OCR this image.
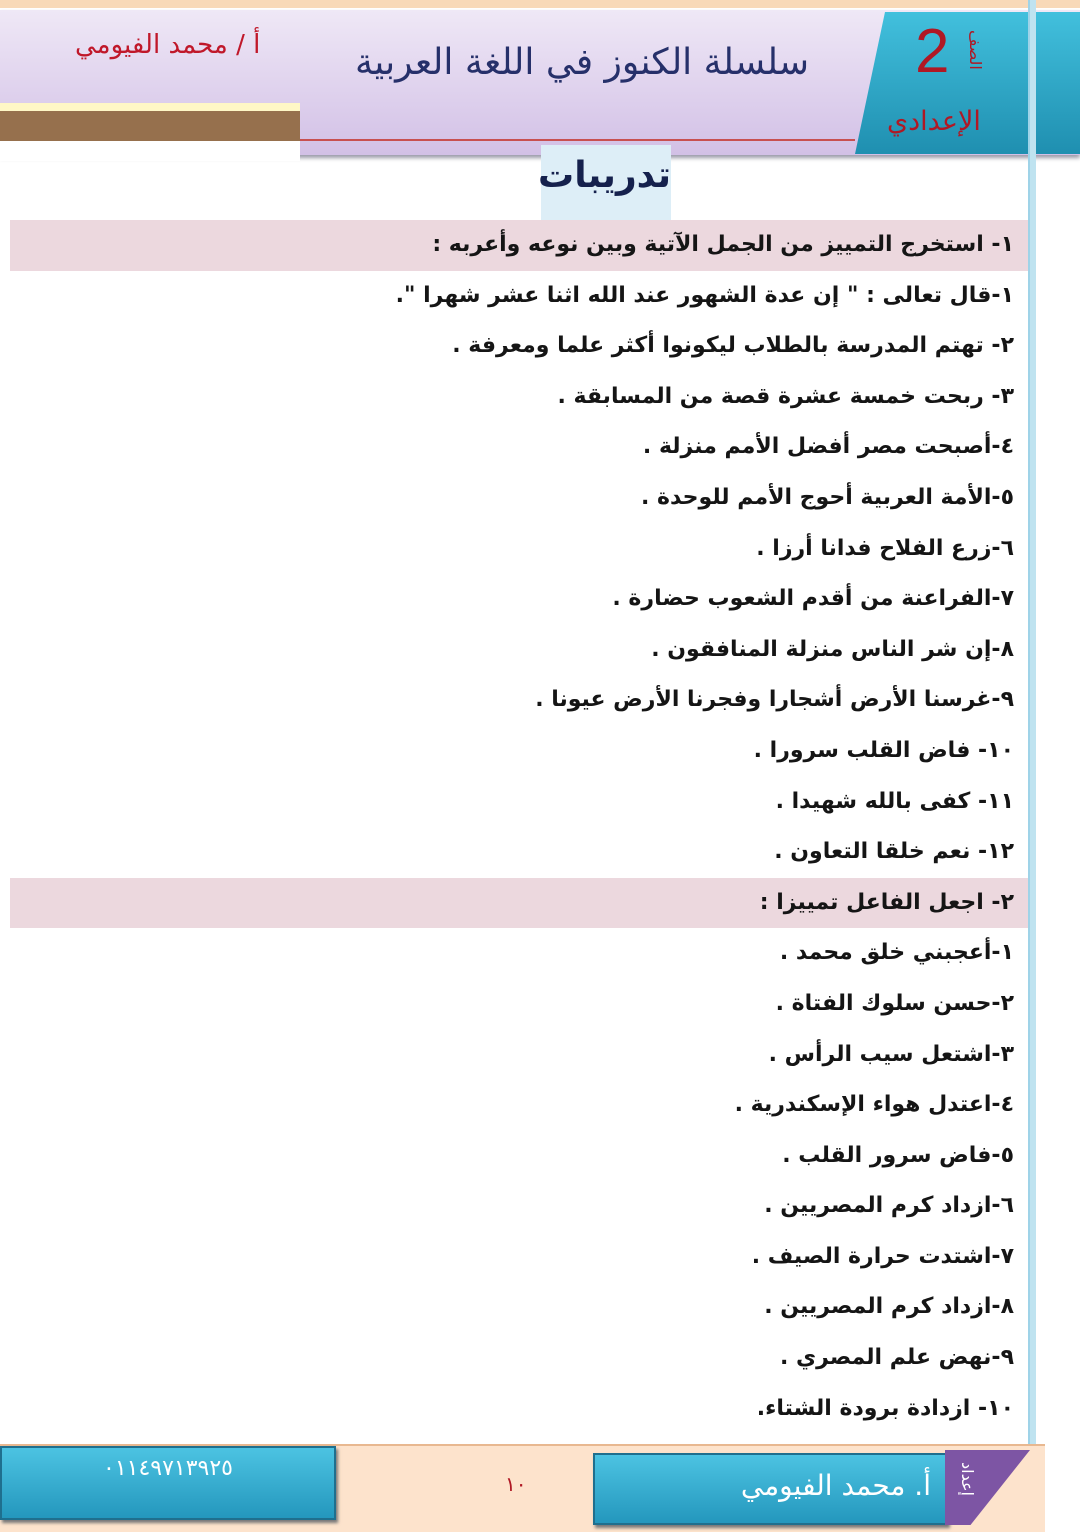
أ / محمد الفيومي	سلسلة الكنوز في اللغة العربية 2 الصف
الإعدادي
تدريبات
١- استخرج التمييز من الجمل الآتية وبين نوعه وأعربه :
١-قال تعالى : " إن عدة الشهور عند الله اثنا عشر شهرا ".
٢- تهتم المدرسة بالطلاب ليكونوا أكثر علما ومعرفة .
٣- ربحت خمسة عشرة قصة من المسابقة .
٤-أصبحت مصر أفضل الأمم منزلة .
٥-الأمة العربية أحوج الأمم للوحدة .
٦-زرع الفلاح فدانا أرزا .
٧-الفراعنة من أقدم الشعوب حضارة .
٨-إن شر الناس منزلة المنافقون .
٩-غرسنا الأرض أشجارا وفجرنا الأرض عيونا .
١٠- فاض القلب سرورا .
١١- كفى بالله شهيدا .
١٢- نعم خلقا التعاون .
٢- اجعل الفاعل تمييزا :
١-أعجبني خلق محمد .
٢-حسن سلوك الفتاة .
٣-اشتعل سيب الرأس .
٤-اعتدل هواء الإسكندرية .
٥-فاض سرور القلب .
٦-ازداد كرم المصريين .
٧-اشتدت حرارة الصيف .
٨-ازداد كرم المصريين .
٩-نهض علم المصري .
١٠- ازدادة برودة الشتاء.
٠١١٤٩٧١٣٩٢٥
١٠	أ. محمد الفيومي	إعداد
